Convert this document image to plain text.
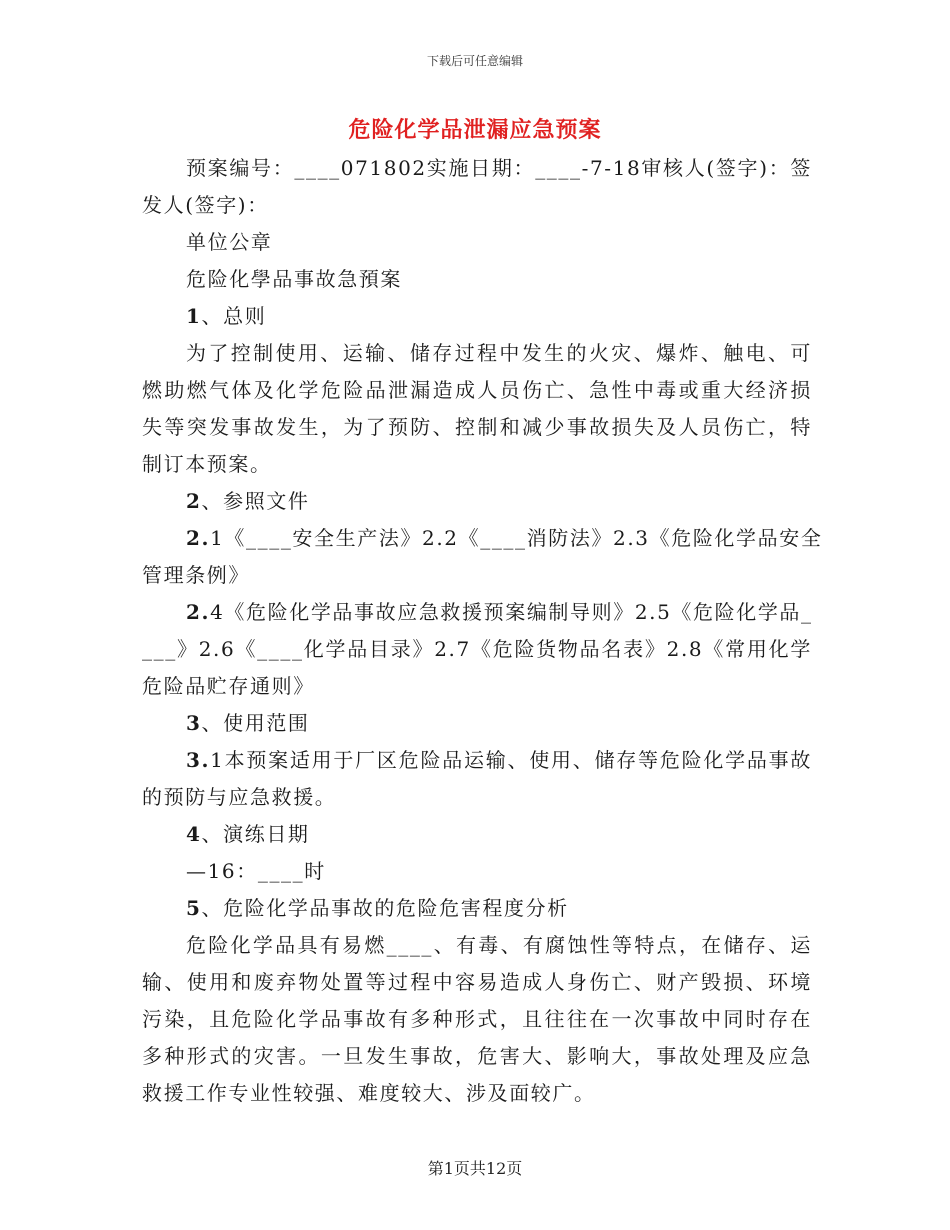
下载后可任意编辑
危险化学品泄漏应急预案
预案编号：____071802实施日期：____-7-18审核人(签字)：签
发人(签字)：
单位公章
危险化學品事故急預案
1、总则
为了控制使用、运输、储存过程中发生的火灾、爆炸、触电、可
燃助燃气体及化学危险品泄漏造成人员伤亡、急性中毒或重大经济损
失等突发事故发生，为了预防、控制和减少事故损失及人员伤亡，特
制订本预案。
2、参照文件
2.1《____安全生产法》2.2《____消防法》2.3《危险化学品安全
管理条例》
2.4《危险化学品事故应急救援预案编制导则》2.5《危险化学品_
___》2.6《____化学品目录》2.7《危险货物品名表》2.8《常用化学
危险品贮存通则》
3、使用范围
3.1本预案适用于厂区危险品运输、使用、储存等危险化学品事故
的预防与应急救援。
4、演练日期
—16：____时
5、危险化学品事故的危险危害程度分析
危险化学品具有易燃____、有毒、有腐蚀性等特点，在储存、运
输、使用和废弃物处置等过程中容易造成人身伤亡、财产毁损、环境
污染，且危险化学品事故有多种形式，且往往在一次事故中同时存在
多种形式的灾害。一旦发生事故，危害大、影响大，事故处理及应急
救援工作专业性较强、难度较大、涉及面较广。
第1页共12页
